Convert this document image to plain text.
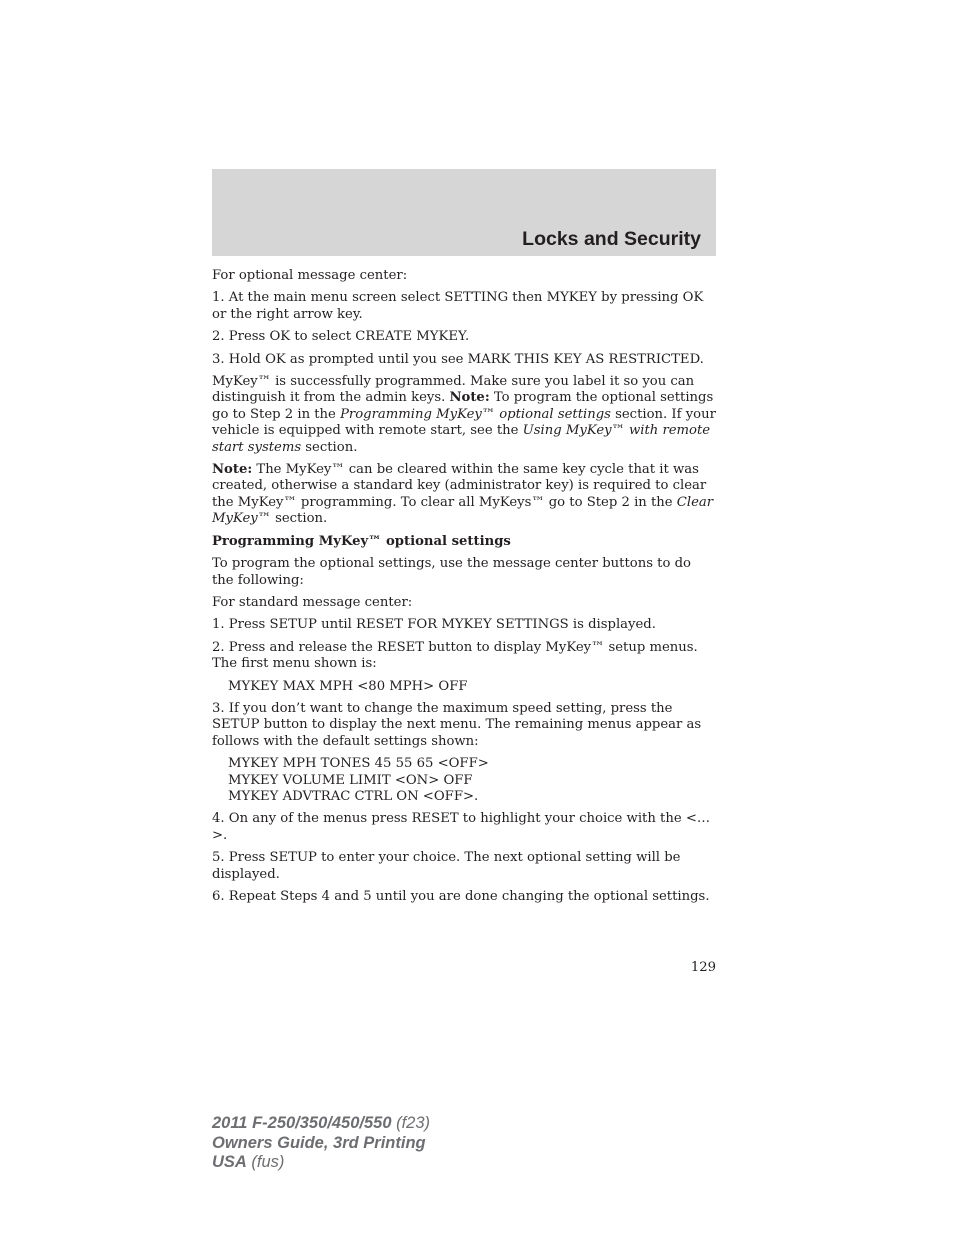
Locks and Security

For optional message center:

1. At the main menu screen select SETTING then MYKEY by pressing OK or the right arrow key.

2. Press OK to select CREATE MYKEY.

3. Hold OK as prompted until you see MARK THIS KEY AS RESTRICTED.

MyKey™ is successfully programmed. Make sure you label it so you can distinguish it from the admin keys. Note: To program the optional settings go to Step 2 in the Programming MyKey™ optional settings section. If your vehicle is equipped with remote start, see the Using MyKey™ with remote start systems section.

Note: The MyKey™ can be cleared within the same key cycle that it was created, otherwise a standard key (administrator key) is required to clear the MyKey™ programming. To clear all MyKeys™ go to Step 2 in the Clear MyKey™ section.

Programming MyKey™ optional settings

To program the optional settings, use the message center buttons to do the following:

For standard message center:

1. Press SETUP until RESET FOR MYKEY SETTINGS is displayed.

2. Press and release the RESET button to display MyKey™ setup menus. The first menu shown is:

MYKEY MAX MPH <80 MPH> OFF

3. If you don’t want to change the maximum speed setting, press the SETUP button to display the next menu. The remaining menus appear as follows with the default settings shown:

MYKEY MPH TONES 45 55 65 <OFF>
MYKEY VOLUME LIMIT <ON> OFF
MYKEY ADVTRAC CTRL ON <OFF>.

4. On any of the menus press RESET to highlight your choice with the <…>.

5. Press SETUP to enter your choice. The next optional setting will be displayed.

6. Repeat Steps 4 and 5 until you are done changing the optional settings.

129
2011 F-250/350/450/550 (f23)
Owners Guide, 3rd Printing
USA (fus)
